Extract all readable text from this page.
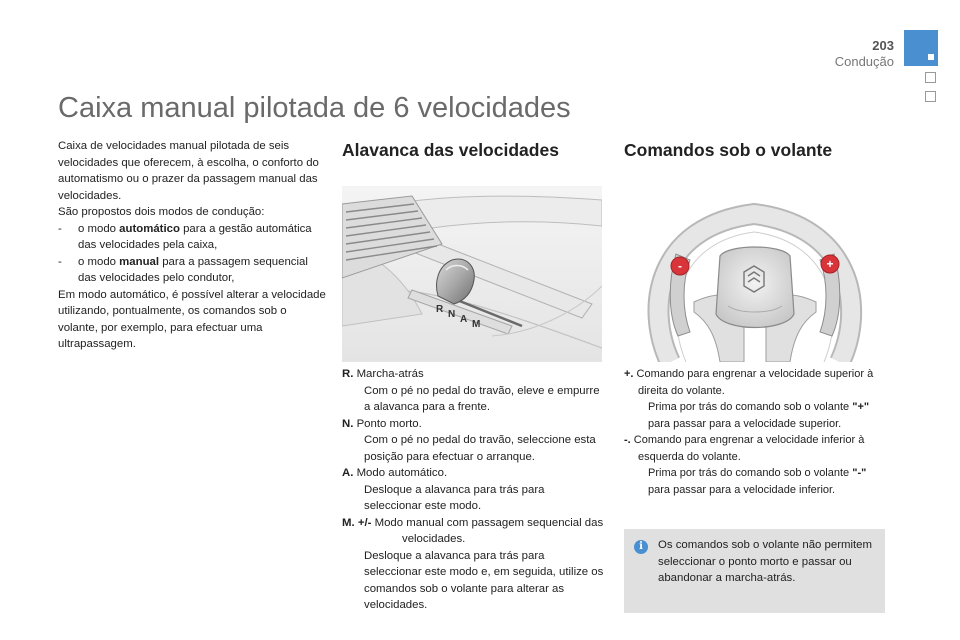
203
Condução
Caixa manual pilotada de 6 velocidades

Caixa de velocidades manual pilotada de seis velocidades que oferecem, à escolha, o conforto do automatismo ou o prazer da passagem manual das velocidades.

São propostos dois modos de condução:

- o modo automático para a gestão automática das velocidades pela caixa,

- o modo manual para a passagem sequencial das velocidades pelo condutor,

Em modo automático, é possível alterar a velocidade utilizando, pontualmente, os comandos sob o volante, por exemplo, para efectuar uma ultrapassagem.

Alavanca das velocidades
R N A M

R. Marcha-atrás

Com o pé no pedal do travão, eleve e empurre a alavanca para a frente.

N. Ponto morto.

Com o pé no pedal do travão, seleccione esta posição para efectuar o arranque.

A. Modo automático.

Desloque a alavanca para trás para seleccionar este modo.

M. +/- Modo manual com passagem sequencial das velocidades.

Desloque a alavanca para trás para seleccionar este modo e, em seguida, utilize os comandos sob o volante para alterar as velocidades.

Comandos sob o volante
-	+

+. Comando para engrenar a velocidade superior à direita do volante.

Prima por trás do comando sob o volante "+" para passar para a velocidade superior.

-. Comando para engrenar a velocidade inferior à esquerda do volante.

Prima por trás do comando sob o volante "-" para passar para a velocidade inferior.

i	Os comandos sob o volante não permitem seleccionar o ponto morto e passar ou abandonar a marcha-atrás.
